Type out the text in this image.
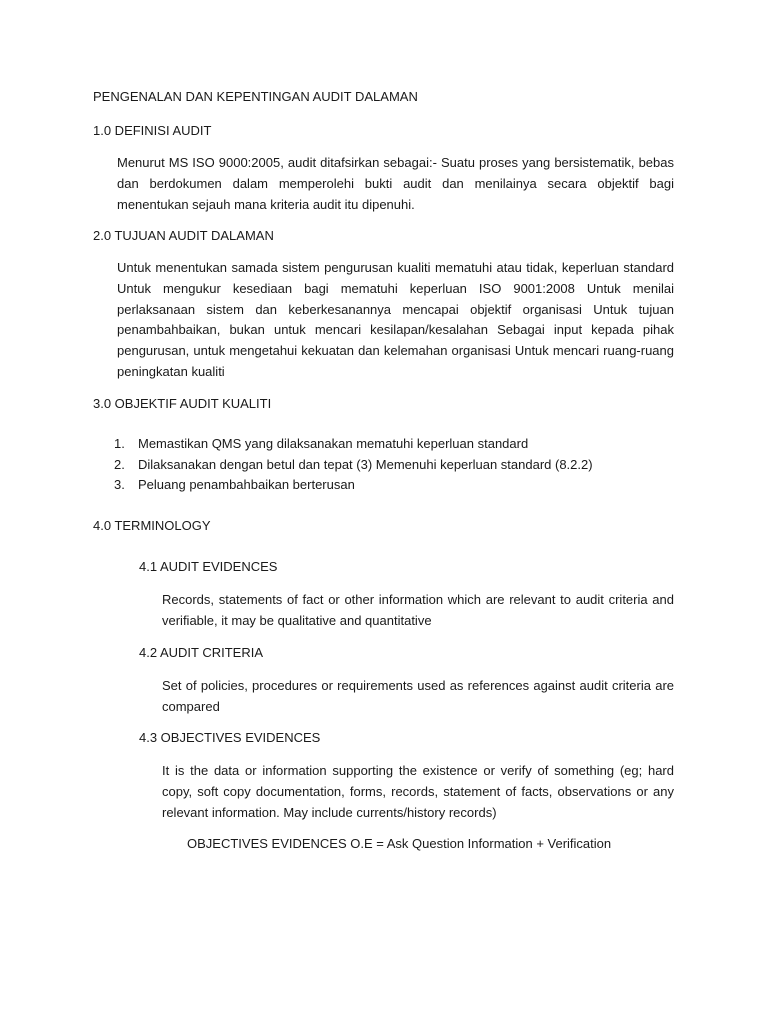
PENGENALAN DAN KEPENTINGAN AUDIT DALAMAN
1.0 DEFINISI AUDIT
Menurut MS ISO 9000:2005, audit ditafsirkan sebagai:- Suatu proses yang bersistematik, bebas dan berdokumen dalam memperolehi bukti audit dan menilainya secara objektif bagi menentukan sejauh mana kriteria audit itu dipenuhi.
2.0 TUJUAN AUDIT DALAMAN
Untuk menentukan samada sistem pengurusan kualiti mematuhi atau tidak, keperluan standard Untuk mengukur kesediaan bagi mematuhi keperluan ISO 9001:2008 Untuk menilai perlaksanaan sistem dan keberkesanannya mencapai objektif organisasi Untuk tujuan penambahbaikan, bukan untuk mencari kesilapan/kesalahan Sebagai input kepada pihak pengurusan, untuk mengetahui kekuatan dan kelemahan organisasi Untuk mencari ruang-ruang peningkatan kualiti
3.0 OBJEKTIF AUDIT KUALITI
1. Memastikan QMS yang dilaksanakan mematuhi keperluan standard
2. Dilaksanakan dengan betul dan tepat (3) Memenuhi keperluan standard (8.2.2)
3. Peluang penambahbaikan berterusan
4.0 TERMINOLOGY
4.1 AUDIT EVIDENCES
Records, statements of fact or other information which are relevant to audit criteria and verifiable, it may be qualitative and quantitative
4.2 AUDIT CRITERIA
Set of policies, procedures or requirements used as references against audit criteria are compared
4.3 OBJECTIVES EVIDENCES
It is the data or information supporting the existence or verify of something (eg; hard copy, soft copy documentation, forms, records, statement of facts, observations or any relevant information. May include currents/history records)
OBJECTIVES EVIDENCES O.E = Ask Question Information + Verification
